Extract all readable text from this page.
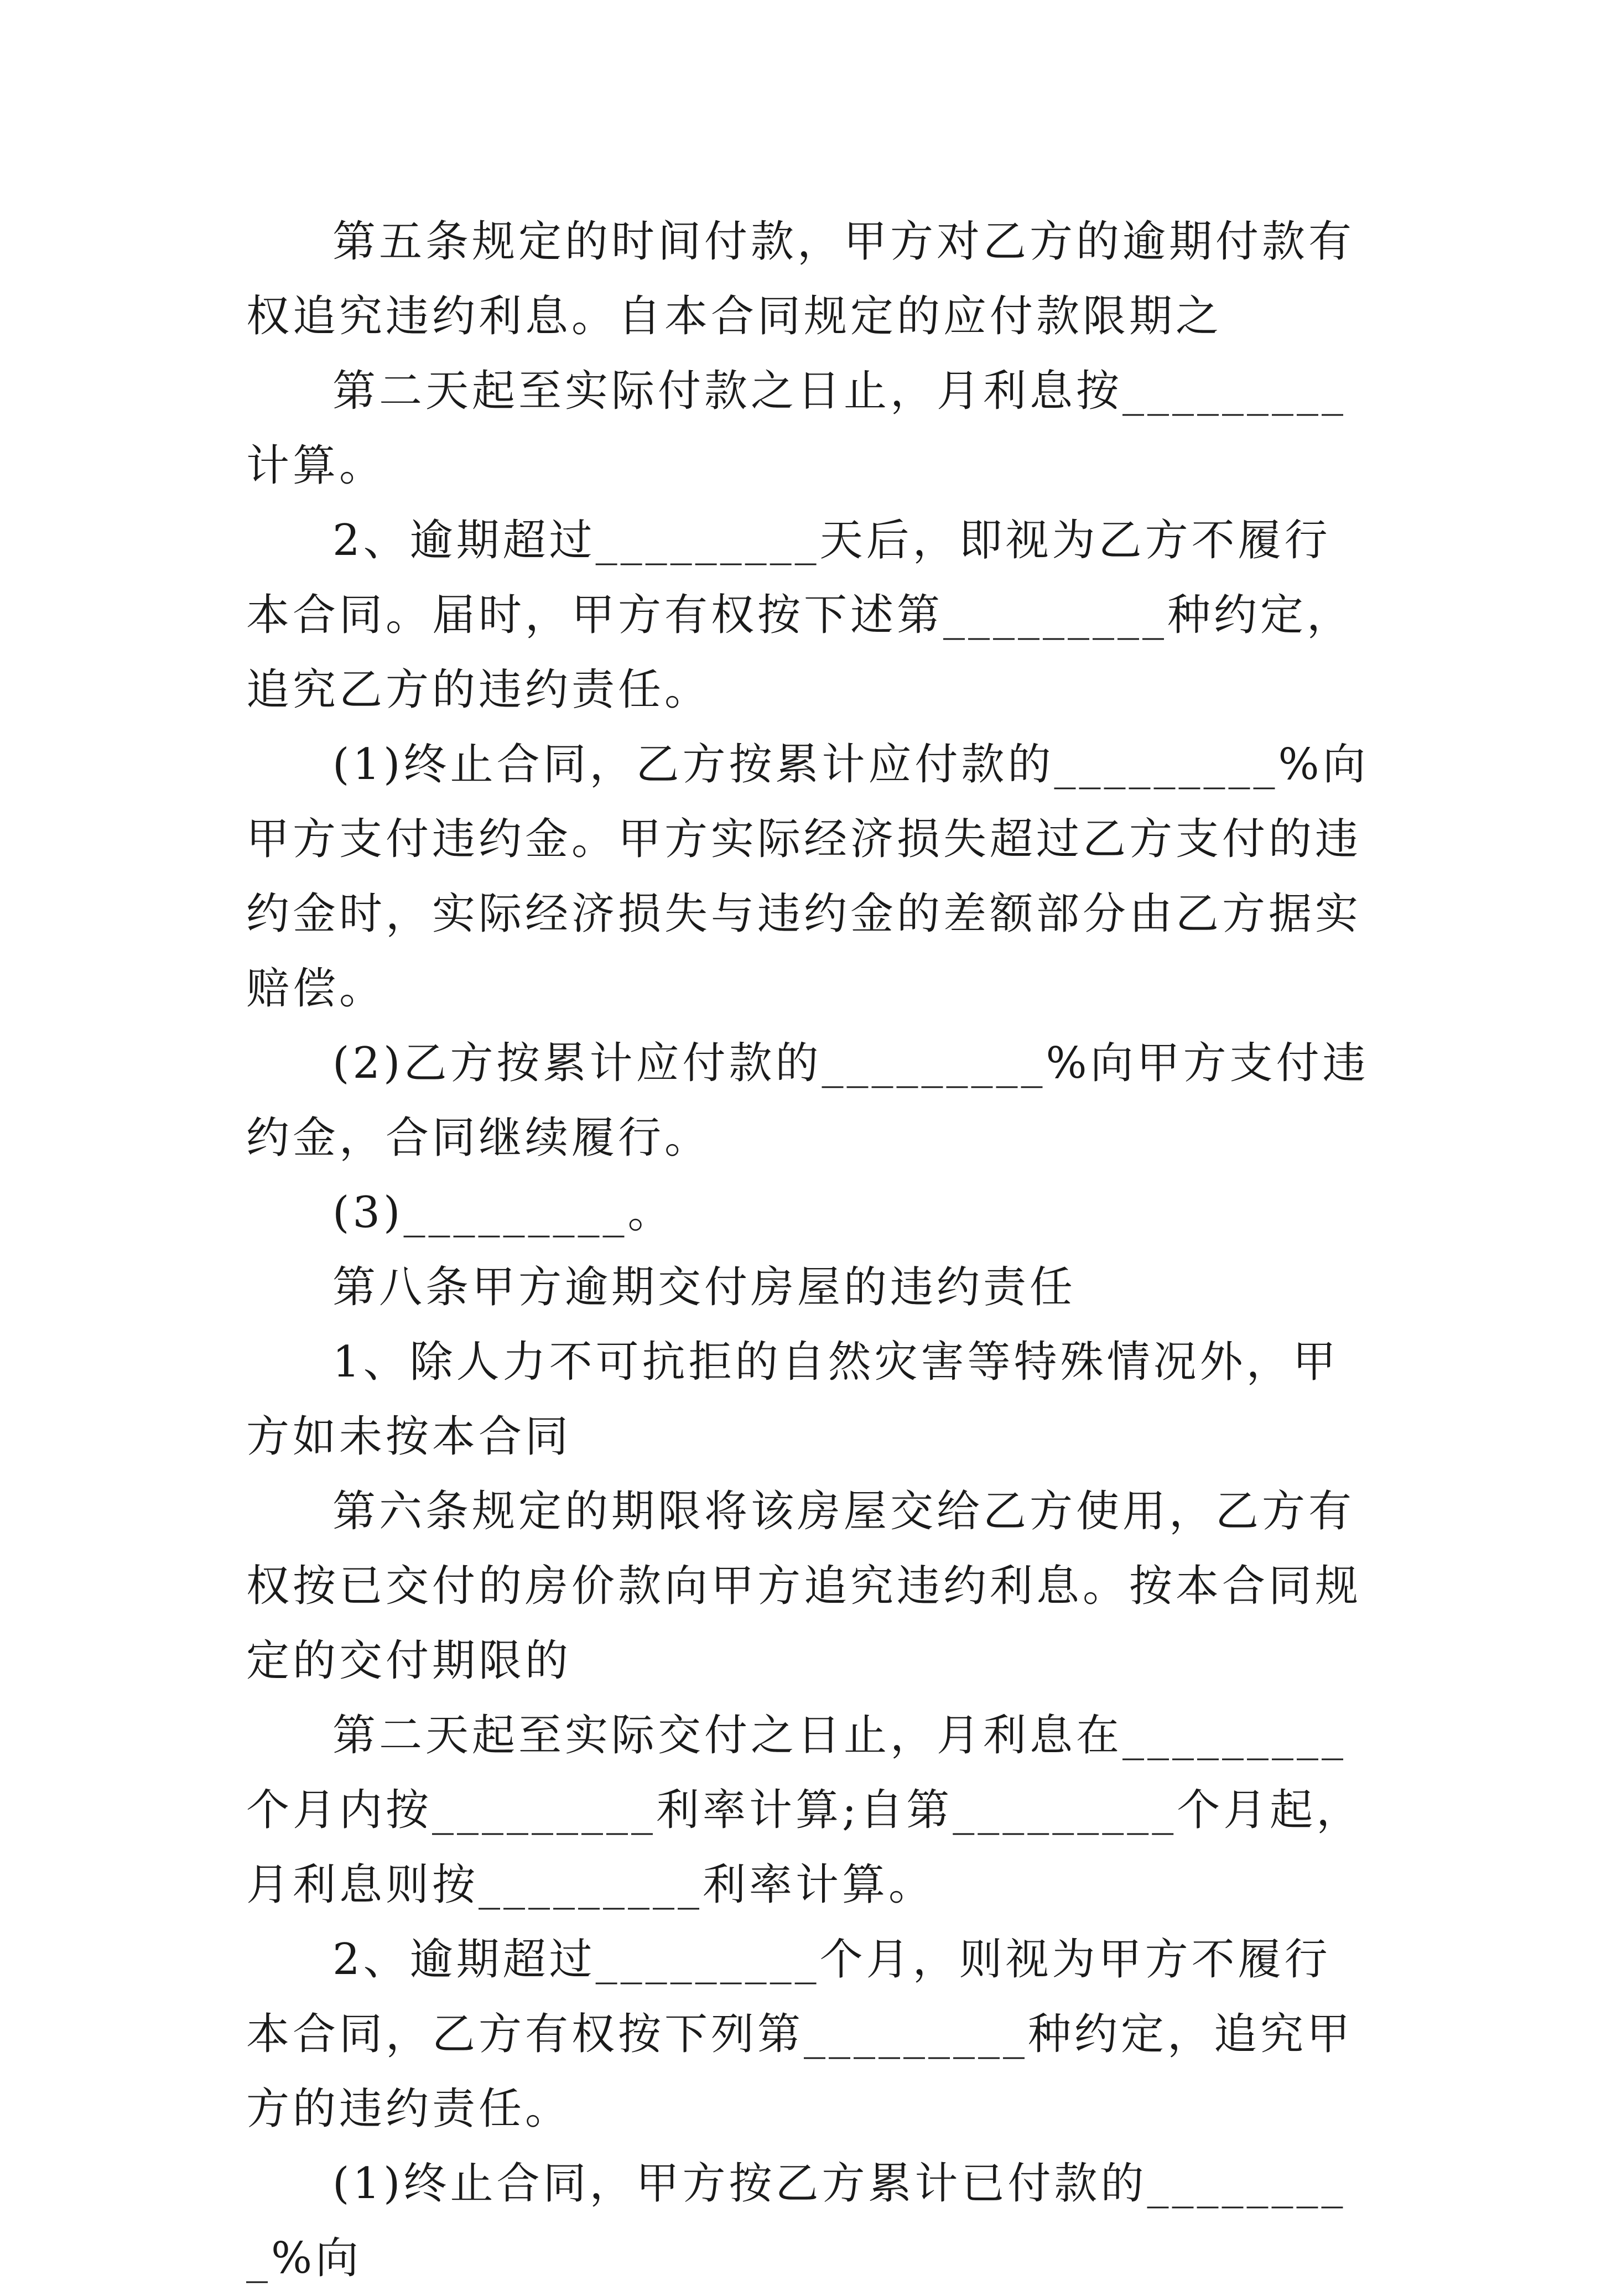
第五条规定的时间付款，甲方对乙方的逾期付款有权追究违约利息。自本合同规定的应付款限期之

第二天起至实际付款之日止，月利息按_________计算。

2、逾期超过_________天后，即视为乙方不履行本合同。届时，甲方有权按下述第_________种约定，追究乙方的违约责任。

(1)终止合同，乙方按累计应付款的_________%向甲方支付违约金。甲方实际经济损失超过乙方支付的违约金时，实际经济损失与违约金的差额部分由乙方据实赔偿。

(2)乙方按累计应付款的_________%向甲方支付违约金，合同继续履行。

(3)_________。

第八条甲方逾期交付房屋的违约责任

1、除人力不可抗拒的自然灾害等特殊情况外，甲方如未按本合同

第六条规定的期限将该房屋交给乙方使用，乙方有权按已交付的房价款向甲方追究违约利息。按本合同规定的交付期限的

第二天起至实际交付之日止，月利息在_________个月内按_________利率计算;自第_________个月起，月利息则按_________利率计算。

2、逾期超过_________个月，则视为甲方不履行本合同，乙方有权按下列第_________种约定，追究甲方的违约责任。

(1)终止合同，甲方按乙方累计已付款的_________%向
